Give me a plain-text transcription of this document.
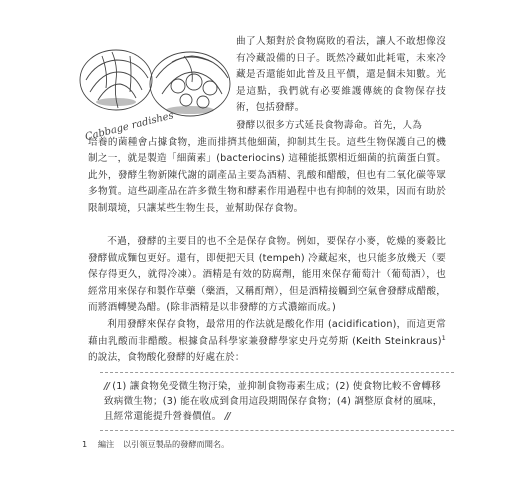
Cabbage radishes

曲了人類對於食物腐敗的看法，讓人不敢想像沒有冷藏設備的日子。既然冷藏如此耗電，未來冷藏是否還能如此普及且平價，還是個未知數。光是這點，我們就有必要維護傳統的食物保存技術，包括發酵。

發酵以很多方式延長食物壽命。首先，人為
培養的菌種會占據食物，進而排擠其他細菌，抑制其生長。這些生物保護自己的機制之一，就是製造「細菌素」(bacteriocins) 這種能抵禦相近細菌的抗菌蛋白質。此外，發酵生物新陳代謝的副產品主要為酒精、乳酸和醋酸，但也有二氧化碳等眾多物質。這些副產品在許多微生物和酵素作用過程中也有抑制的效果，因而有助於限制環境，只讓某些生物生長，並幫助保存食物。

不過，發酵的主要目的也不全是保存食物。例如，要保存小麥，乾燥的麥穀比發酵做成麵包更好。還有，即便把天貝 (tempeh) 冷藏起來，也只能多放幾天（要保存得更久，就得冷凍）。酒精是有效的防腐劑，能用來保存葡萄汁（葡萄酒），也經常用來保存和製作草藥（藥酒，又稱酊劑），但是酒精接觸到空氣會發酵成醋酸，而將酒轉變為醋。(除非酒精是以非發酵的方式濃縮而成。)

利用發酵來保存食物，最常用的作法就是酸化作用 (acidification)，而這更常藉由乳酸而非醋酸。根據食品科學家兼發酵學家史丹克勞斯 (Keith Steinkraus)$^1$ 的說法，食物酸化發酵的好處在於：

// (1) 讓食物免受微生物汙染，並抑制食物毒素生成；(2) 使食物比較不會轉移致病微生物；(3) 能在收成到食用這段期間保存食物；(4) 調整原食材的風味，且經常還能提升營養價值。 //
1 編注 以引領豆製品的發酵而聞名。
